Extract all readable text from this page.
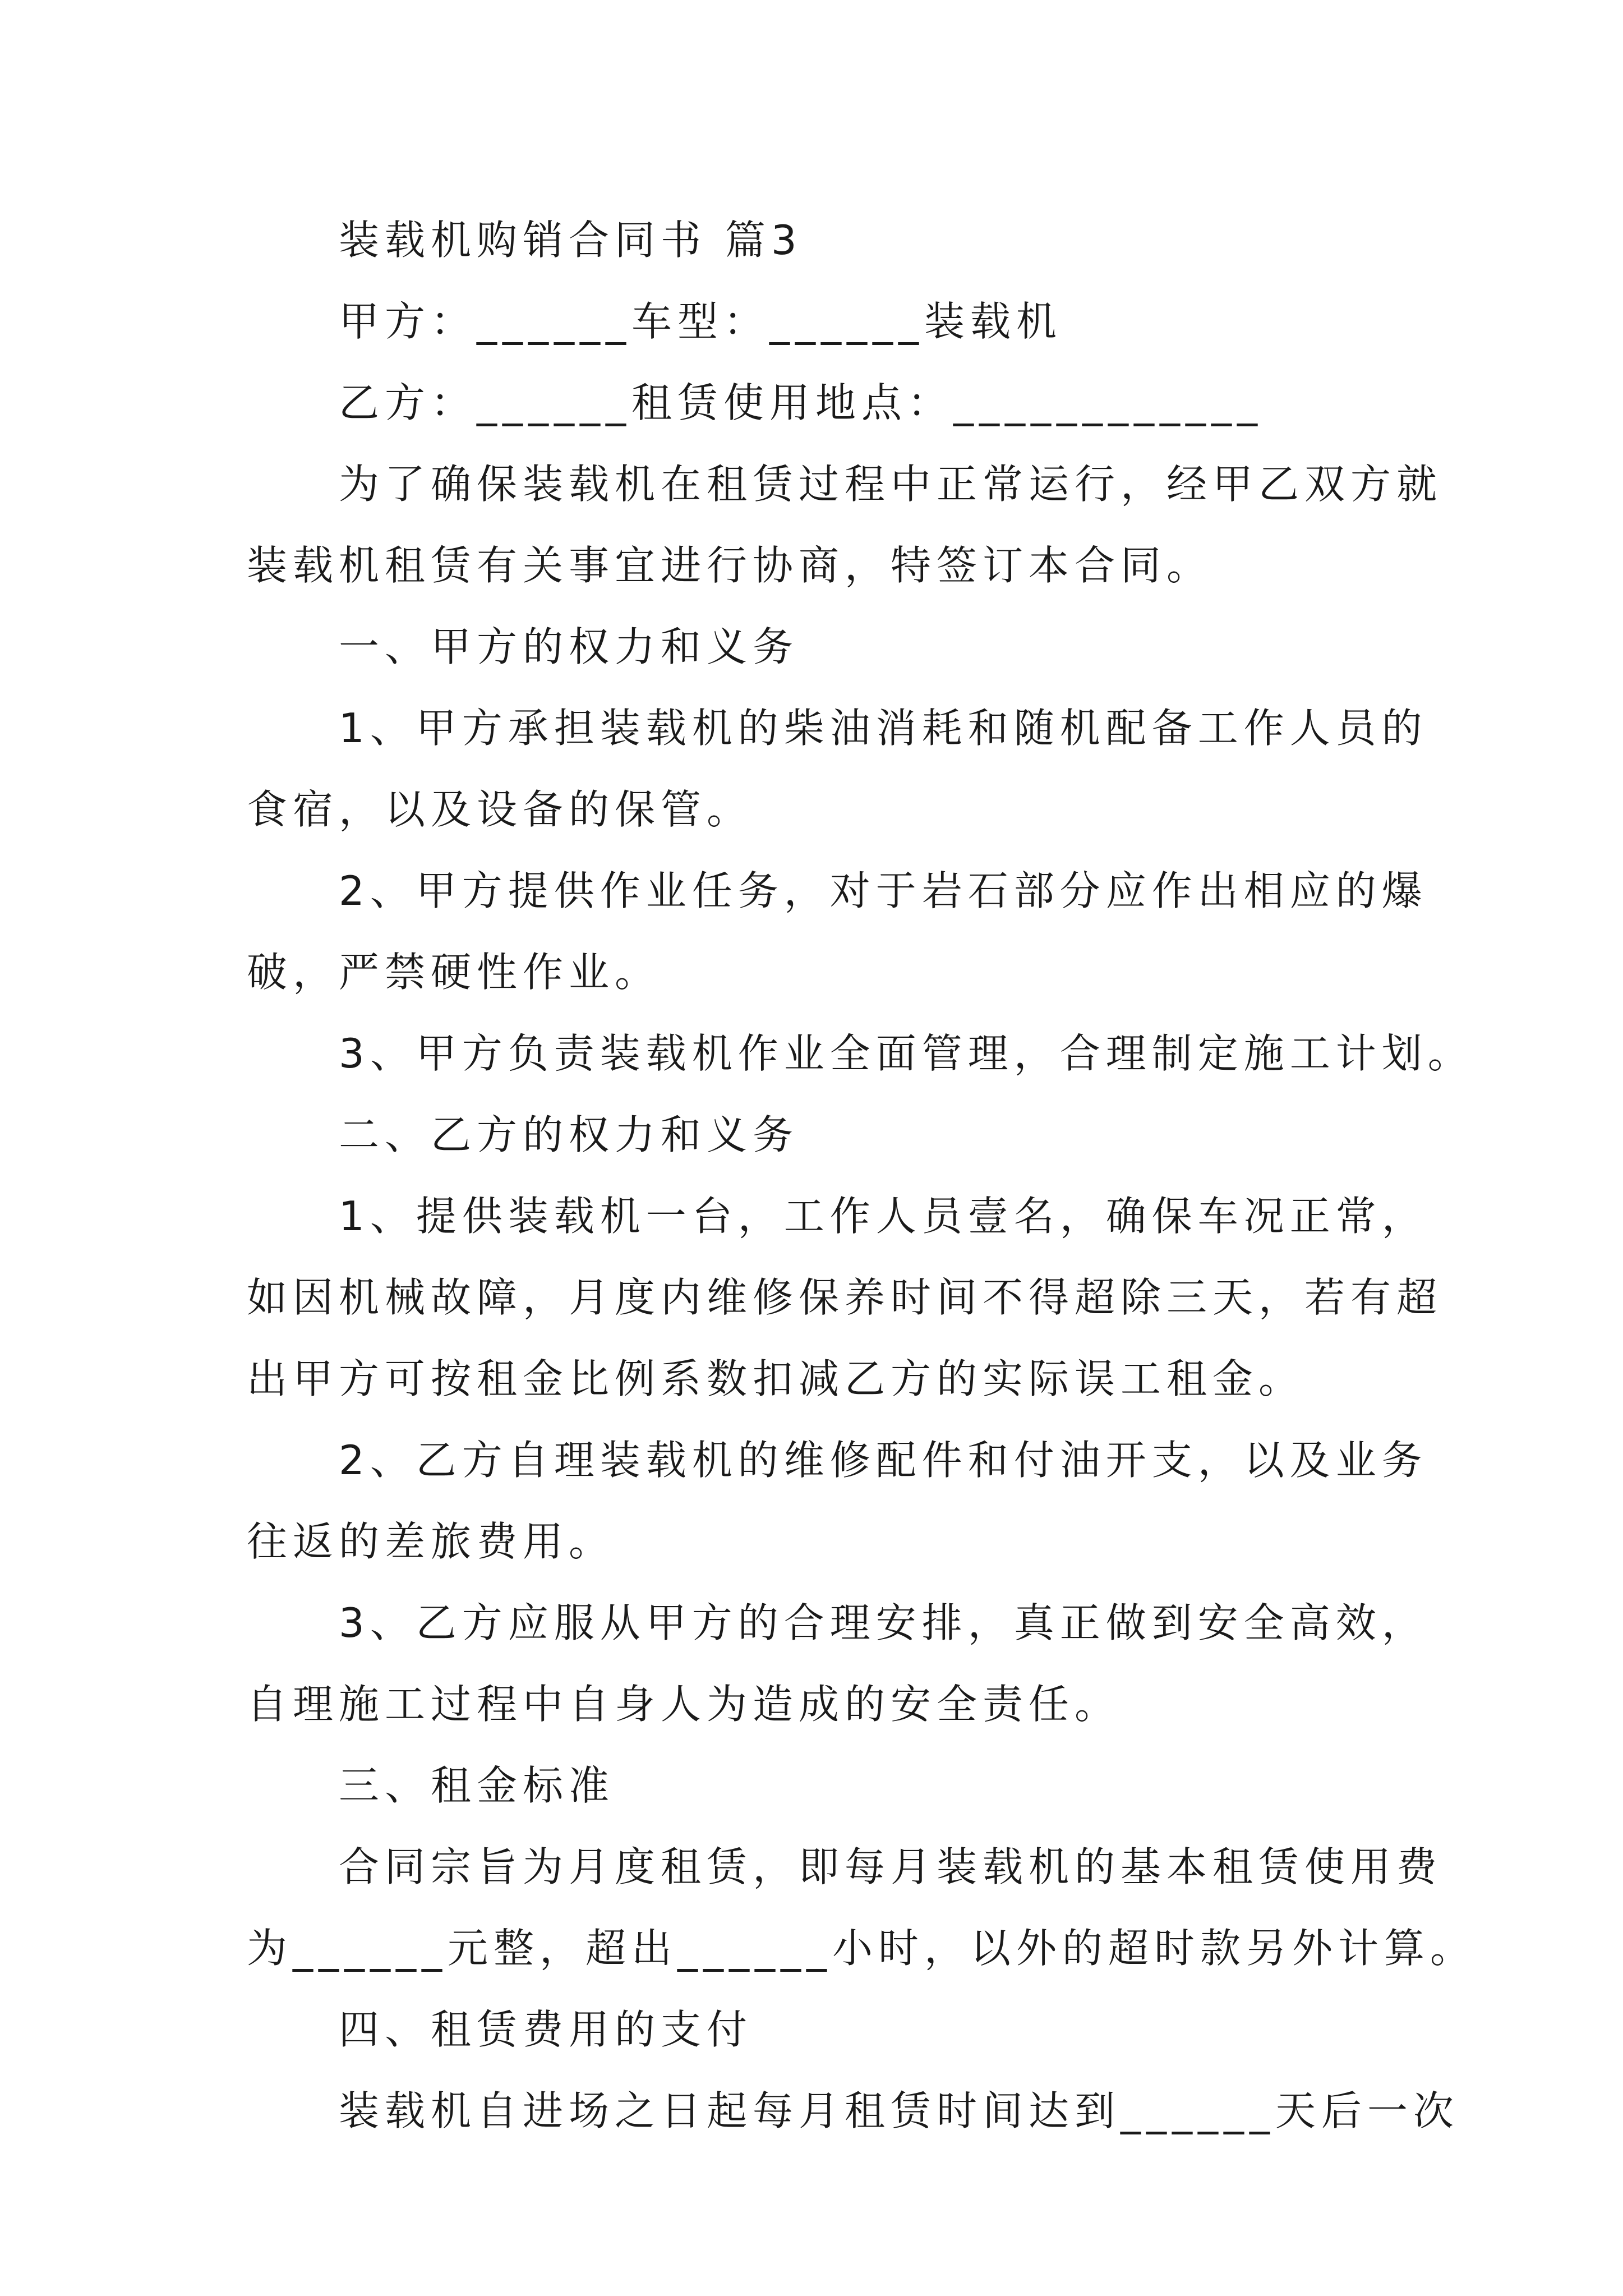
装载机购销合同书 篇3
甲方：______车型：______装载机
乙方：______租赁使用地点：____________
为了确保装载机在租赁过程中正常运行，经甲乙双方就
装载机租赁有关事宜进行协商，特签订本合同。
一、甲方的权力和义务
1、甲方承担装载机的柴油消耗和随机配备工作人员的
食宿，以及设备的保管。
2、甲方提供作业任务，对于岩石部分应作出相应的爆
破，严禁硬性作业。
3、甲方负责装载机作业全面管理，合理制定施工计划。
二、乙方的权力和义务
1、提供装载机一台，工作人员壹名，确保车况正常，
如因机械故障，月度内维修保养时间不得超除三天，若有超
出甲方可按租金比例系数扣减乙方的实际误工租金。
2、乙方自理装载机的维修配件和付油开支，以及业务
往返的差旅费用。
3、乙方应服从甲方的合理安排，真正做到安全高效，
自理施工过程中自身人为造成的安全责任。
三、租金标准
合同宗旨为月度租赁，即每月装载机的基本租赁使用费
为______元整，超出______小时，以外的超时款另外计算。
四、租赁费用的支付
装载机自进场之日起每月租赁时间达到______天后一次
